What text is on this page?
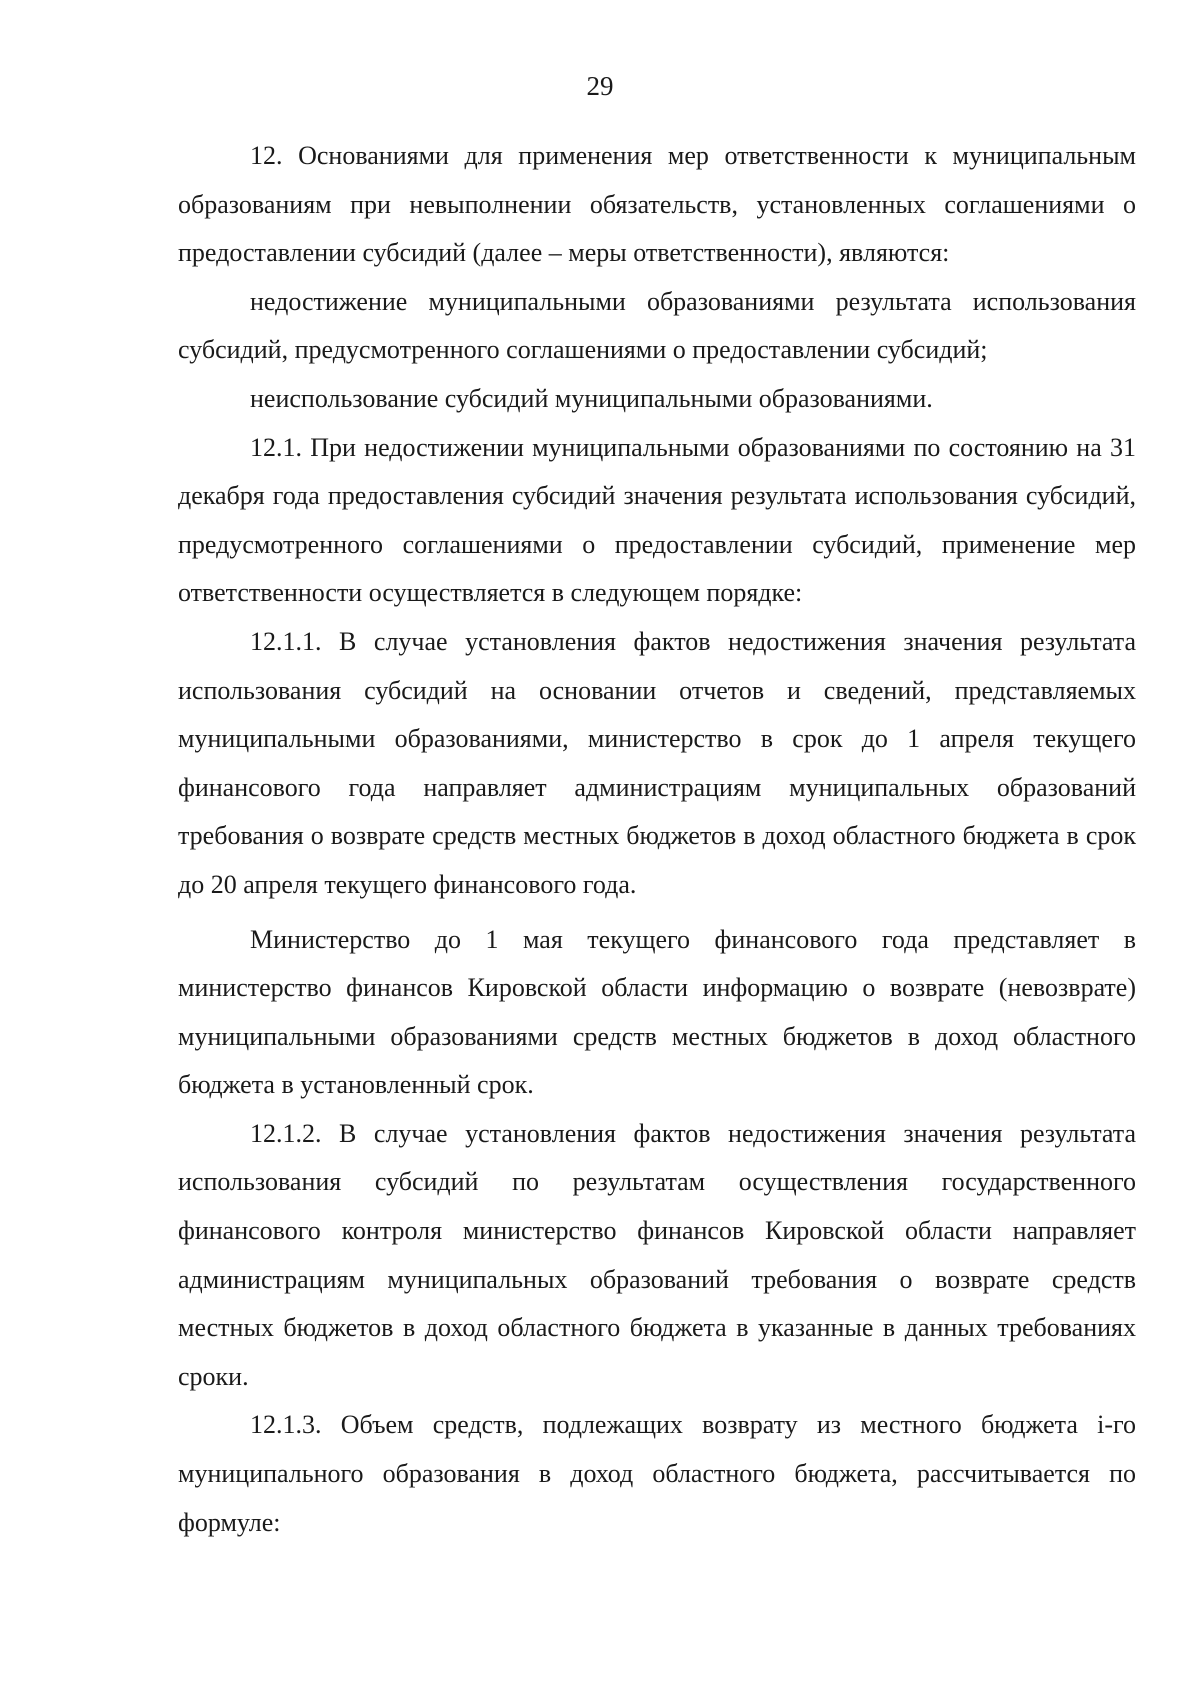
29

12. Основаниями для применения мер ответственности к муниципальным образованиям при невыполнении обязательств, установленных соглашениями о предоставлении субсидий (далее – меры ответственности), являются:

недостижение муниципальными образованиями результата использования субсидий, предусмотренного соглашениями о предоставлении субсидий;

неиспользование субсидий муниципальными образованиями.

12.1. При недостижении муниципальными образованиями по состоянию на 31 декабря года предоставления субсидий значения результата использования субсидий, предусмотренного соглашениями о предоставлении субсидий, применение мер ответственности осуществляется в следующем порядке:

12.1.1. В случае установления фактов недостижения значения результата использования субсидий на основании отчетов и сведений, представляемых муниципальными образованиями, министерство в срок до 1 апреля текущего финансового года направляет администрациям муниципальных образований требования о возврате средств местных бюджетов в доход областного бюджета в срок до 20 апреля текущего финансового года.

Министерство до 1 мая текущего финансового года представляет в министерство финансов Кировской области информацию о возврате (невозврате) муниципальными образованиями средств местных бюджетов в доход областного бюджета в установленный срок.

12.1.2. В случае установления фактов недостижения значения результата использования субсидий по результатам осуществления государственного финансового контроля министерство финансов Кировской области направляет администрациям муниципальных образований требования о возврате средств местных бюджетов в доход областного бюджета в указанные в данных требованиях сроки.

12.1.3. Объем средств, подлежащих возврату из местного бюджета i-го муниципального образования в доход областного бюджета, рассчитывается по формуле:
